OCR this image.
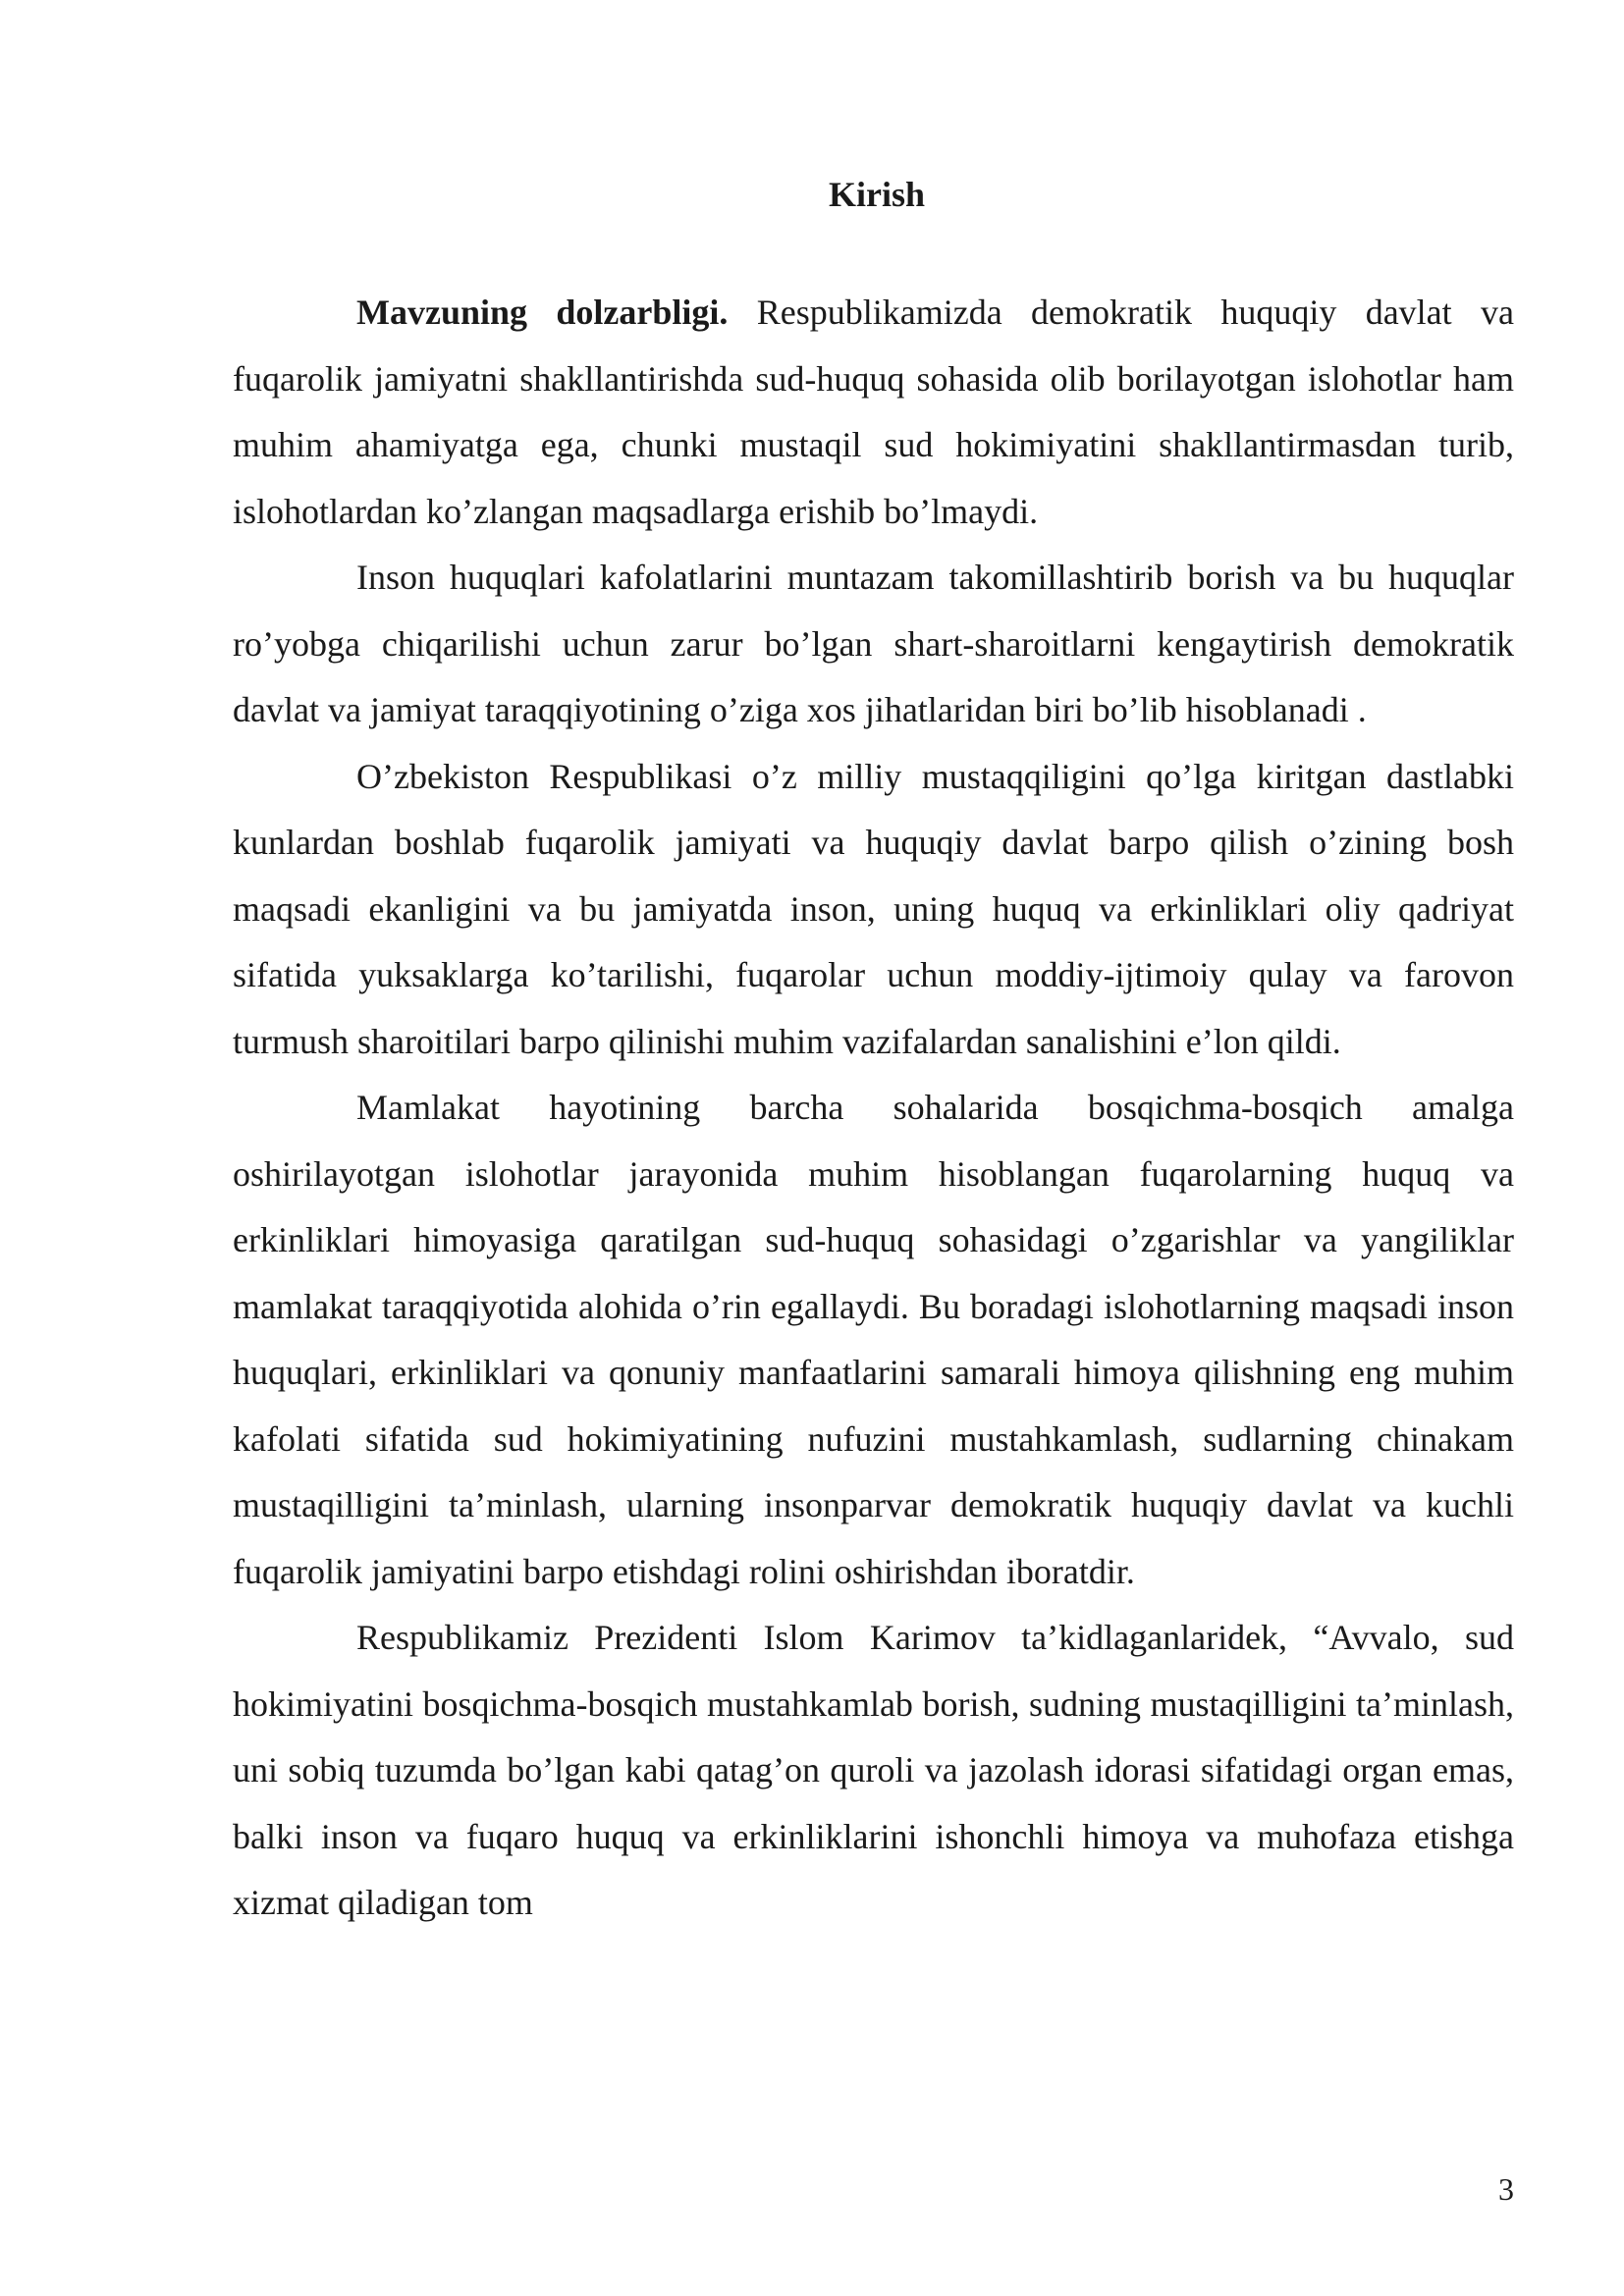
Kirish

Mavzuning dolzarbligi. Respublikamizda demokratik huquqiy davlat va fuqarolik jamiyatni shakllantirishda sud-huquq sohasida olib borilayotgan islohotlar ham muhim ahamiyatga ega, chunki mustaqil sud hokimiyatini shakllantirmasdan turib, islohotlardan ko’zlangan maqsadlarga erishib bo’lmaydi.

Inson huquqlari kafolatlarini muntazam takomillashtirib borish va bu huquqlar ro’yobga chiqarilishi uchun zarur bo’lgan shart-sharoitlarni kengaytirish demokratik davlat va jamiyat taraqqiyotining o’ziga xos jihatlaridan biri bo’lib hisoblanadi .

O’zbekiston Respublikasi o’z milliy mustaqqiligini qo’lga kiritgan dastlabki kunlardan boshlab fuqarolik jamiyati va huquqiy davlat barpo qilish o’zining bosh maqsadi ekanligini va bu jamiyatda inson, uning huquq va erkinliklari oliy qadriyat sifatida yuksaklarga ko’tarilishi, fuqarolar uchun moddiy-ijtimoiy qulay va farovon turmush sharoitilari barpo qilinishi muhim vazifalardan sanalishini e’lon qildi.

Mamlakat hayotining barcha sohalarida bosqichma-bosqich amalga oshirilayotgan islohotlar jarayonida muhim hisoblangan fuqarolarning huquq va erkinliklari himoyasiga qaratilgan sud-huquq sohasidagi o’zgarishlar va yangiliklar mamlakat taraqqiyotida alohida o’rin egallaydi. Bu boradagi islohotlarning maqsadi inson huquqlari, erkinliklari va qonuniy manfaatlarini samarali himoya qilishning eng muhim kafolati sifatida sud hokimiyatining nufuzini mustahkamlash, sudlarning chinakam mustaqilligini ta’minlash, ularning insonparvar demokratik huquqiy davlat va kuchli fuqarolik jamiyatini barpo etishdagi rolini oshirishdan iboratdir.

Respublikamiz Prezidenti Islom Karimov ta’kidlaganlaridek, “Avvalo, sud hokimiyatini bosqichma-bosqich mustahkamlab borish, sudning mustaqilligini ta’minlash, uni sobiq tuzumda bo’lgan kabi qatag’on quroli va jazolash idorasi sifatidagi organ emas, balki inson va fuqaro huquq va erkinliklarini ishonchli himoya va muhofaza etishga xizmat qiladigan tom

3
